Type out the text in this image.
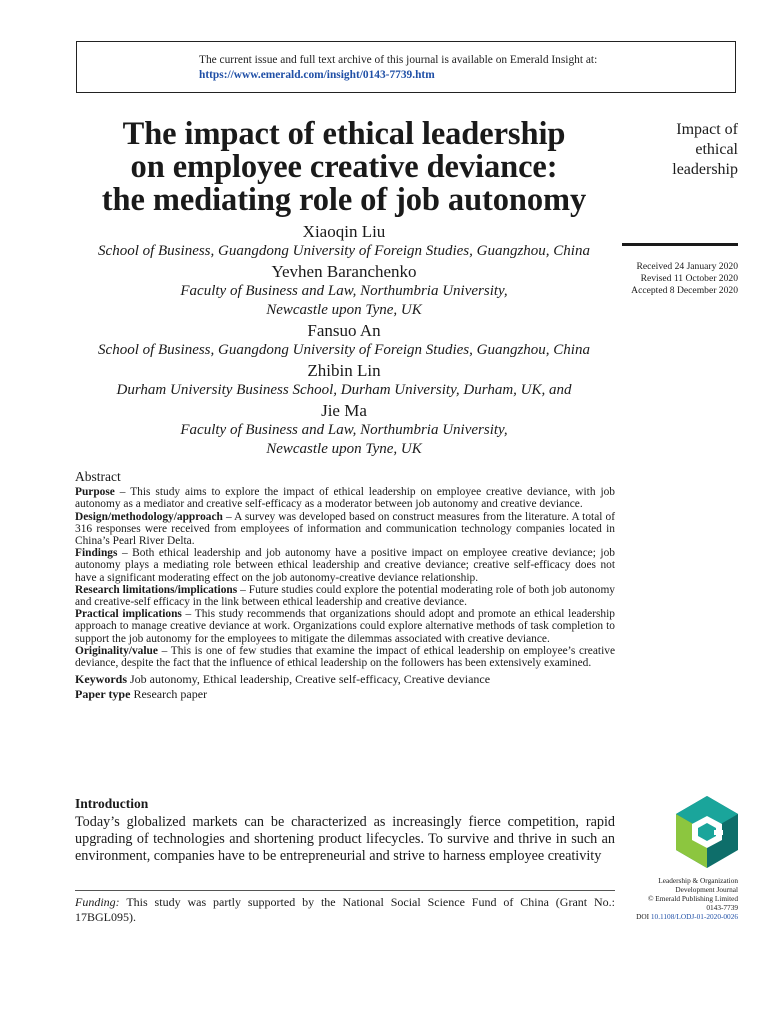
The current issue and full text archive of this journal is available on Emerald Insight at:
https://www.emerald.com/insight/0143-7739.htm
The impact of ethical leadership
on employee creative deviance:
the mediating role of job autonomy
Impact of
ethical
leadership
Received 24 January 2020
Revised 11 October 2020
Accepted 8 December 2020
Xiaoqin Liu
School of Business, Guangdong University of Foreign Studies, Guangzhou, China
Yevhen Baranchenko
Faculty of Business and Law, Northumbria University,
Newcastle upon Tyne, UK
Fansuo An
School of Business, Guangdong University of Foreign Studies, Guangzhou, China
Zhibin Lin
Durham University Business School, Durham University, Durham, UK, and
Jie Ma
Faculty of Business and Law, Northumbria University,
Newcastle upon Tyne, UK
Abstract
Purpose – This study aims to explore the impact of ethical leadership on employee creative deviance, with job autonomy as a mediator and creative self-efficacy as a moderator between job autonomy and creative deviance.
Design/methodology/approach – A survey was developed based on construct measures from the literature. A total of 316 responses were received from employees of information and communication technology companies located in China’s Pearl River Delta.
Findings – Both ethical leadership and job autonomy have a positive impact on employee creative deviance; job autonomy plays a mediating role between ethical leadership and creative deviance; creative self-efficacy does not have a significant moderating effect on the job autonomy-creative deviance relationship.
Research limitations/implications – Future studies could explore the potential moderating role of both job autonomy and creative-self efficacy in the link between ethical leadership and creative deviance.
Practical implications – This study recommends that organizations should adopt and promote an ethical leadership approach to manage creative deviance at work. Organizations could explore alternative methods of task completion to support the job autonomy for the employees to mitigate the dilemmas associated with creative deviance.
Originality/value – This is one of few studies that examine the impact of ethical leadership on employee’s creative deviance, despite the fact that the influence of ethical leadership on the followers has been extensively examined.
Keywords Job autonomy, Ethical leadership, Creative self-efficacy, Creative deviance
Paper type Research paper
Introduction

Today’s globalized markets can be characterized as increasingly fierce competition, rapid upgrading of technologies and shortening product lifecycles. To survive and thrive in such an environment, companies have to be entrepreneurial and strive to harness employee creativity

Funding: This study was partly supported by the National Social Science Fund of China (Grant No.: 17BGL095).
Leadership & Organization
Development Journal
© Emerald Publishing Limited
0143-7739
DOI 10.1108/LODJ-01-2020-0026
